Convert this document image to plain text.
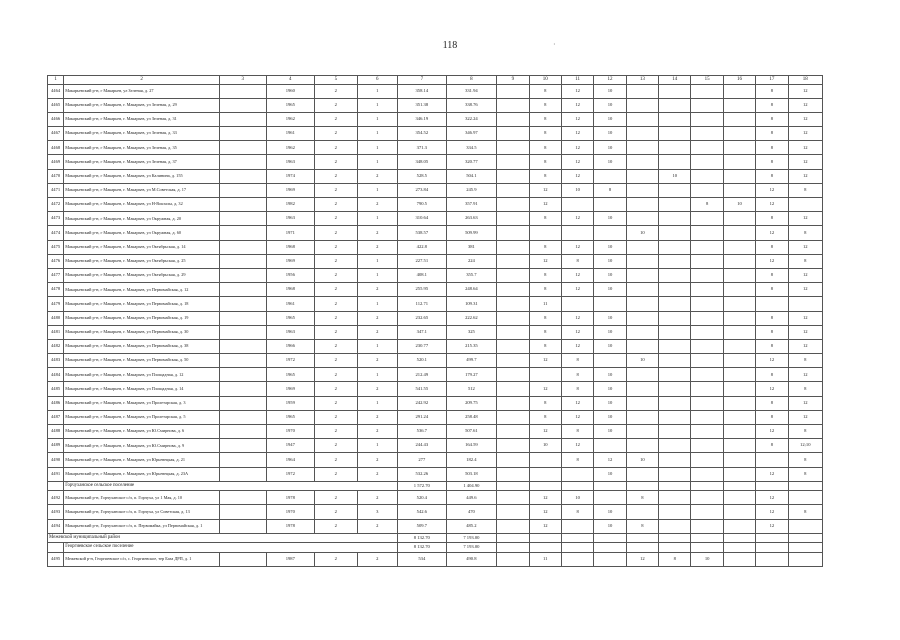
118	·
1	2	3	4	5	6	7	8	9	10	11	12	13	14	15	16	17	18
4464	Макарьевский р-н, г Макарьев, ул Зеленая, д. 27		1960	2	1	358.14	331.94		8	12	10					8	12
4465	Макарьевский р-н, г Макарьев, г. Макарьев, ул Зеленая, д. 29		1965	2	1	351.38	338.76		8	12	10					8	12
4466	Макарьевский р-н, г Макарьев, г. Макарьев, ул Зеленая, д. 31		1962	2	1	346.19	322.24		8	12	10					8	12
4467	Макарьевский р-н, г Макарьев, г. Макарьев, ул Зеленая, д. 33		1961	2	1	354.52	346.97		8	12	10					8	12
4468	Макарьевский р-н, г Макарьев, г. Макарьев, ул Зеленая, д. 35		1962	2	1	371.3	334.5		8	12	10					8	12
4469	Макарьевский р-н, г Макарьев, г. Макарьев, ул Зеленая, д. 37		1963	2	1	348.05	320.77		8	12	10					8	12
4470	Макарьевский р-н, г Макарьев, г. Макарьев, ул Калинина, д. 155		1974	2	2	528.5	504.1		8	12			10			8	12
4471	Макарьевский р-н, г Макарьев, г. Макарьев, ул М.Советская, д. 17		1969	2	1	273.84	245.9		12	10	8					12	8
4472	Макарьевский р-н, г Макарьев, г. Макарьев, ул Н-Вокзалы, д. 32		1982	2	2	790.5	357.91		12					8	10	12	
4473	Макарьевский р-н, г Макарьев, г. Макарьев, ул Окружная, д. 20		1963	2	1	310.64	263.63		8	12	10					8	12
4474	Макарьевский р-н, г Макарьев, г. Макарьев, ул Окружная, д. 60		1971	2	2	538.57	509.99					10				12	8
4475	Макарьевский р-н, г Макарьев, г. Макарьев, ул Октябрьская, д. 14		1968	2	2	422.8	381		8	12	10					8	12
4476	Макарьевский р-н, г Макарьев, г. Макарьев, ул Октябрьская, д. 25		1969	2	1	227.51	224		12	8	10					12	8
4477	Макарьевский р-н, г Макарьев, г. Макарьев, ул Октябрьская, д. 29		1956	2	1	408.1	355.7		8	12	10					8	12
4478	Макарьевский р-н, г Макарьев, г. Макарьев, ул Первомайская, д. 12		1968	2	2	255.95	248.64		8	12	10					8	12
4479	Макарьевский р-н, г Макарьев, г. Макарьев, ул Первомайская, д. 18		1961	2	1	112.71	109.31		11								
4480	Макарьевский р-н, г Макарьев, г. Макарьев, ул Первомайская, д. 19		1965	2	2	232.65	222.62		8	12	10					8	12
4481	Макарьевский р-н, г Макарьев, г. Макарьев, ул Первомайская, д. 30		1963	2	2	347.1	325		8	12	10					8	12
4482	Макарьевский р-н, г Макарьев, г. Макарьев, ул Первомайская, д. 38		1966	2	1	230.77	215.35		8	12	10					8	12
4483	Макарьевский р-н, г Макарьев, г. Макарьев, ул Первомайская, д. 50		1972	2	2	520.1	499.7		12	8		10				12	8
4484	Макарьевский р-н, г Макарьев, г. Макарьев, ул Площадная, д. 12		1965	2	1	212.49	179.27			8	10					8	12
4485	Макарьевский р-н, г Макарьев, г. Макарьев, ул Площадная, д. 14		1969	2	2	541.55	512		12	8	10					12	8
4486	Макарьевский р-н, г Макарьев, г. Макарьев, ул Пролетарская, д. 3		1959	2	1	242.92	209.75		8	12	10					8	12
4487	Макарьевский р-н, г Макарьев, г. Макарьев, ул Пролетарская, д. 5		1965	2	2	291.24	258.48		8	12	10					8	12
4488	Макарьевский р-н, г Макарьев, г. Макарьев, ул Ю.Смирнова, д. 6		1970	2	2	536.7	507.61		12	8	10					12	8
4489	Макарьевский р-н, г Макарьев, г. Макарьев, ул Ю.Смирнова, д. 9		1947	2	1	244.43	164.59		10	12						8	12;10
4490	Макарьевский р-н, г Макарьев, г. Макарьев, ул Юрьевецкая, д. 21		1964	2	2	277	182.4			8	12	10					8
4491	Макарьевский р-н, г Макарьев, г. Макарьев, ул Юрьевецкая, д. 23А		1972	2	2	532.26	503.18				10					12	8
	Горчуханское сельское поселение					1 572.70	1 404.90										
4492	Макарьевский р-н, Горчуханское с/п, п. Горчуха, ул 1 Мая, д. 10		1978	2	2	520.4	449.6		12	10		8				12	
4493	Макарьевский р-н, Горчуханское с/п, п. Горчуха, ул Советская, д. 13		1970	2	3	542.6	470		12	8	10					12	8
4494	Макарьевский р-н, Горчуханское с/п, п. Первомайка, ул Первомайская, д. 1		1978	2	2	509.7	485.2		12		10	8				12	
Межевской муниципальный район						8 132.70	7 193.00										
	Георгиевское сельское поселение					8 132.70	7 193.00										
4495	Межевской р-н, Георгиевское с/п, с. Георгиевское, тер База ДРП, д. 1		1987	2	2	534	490.8		11			12	8	10			
